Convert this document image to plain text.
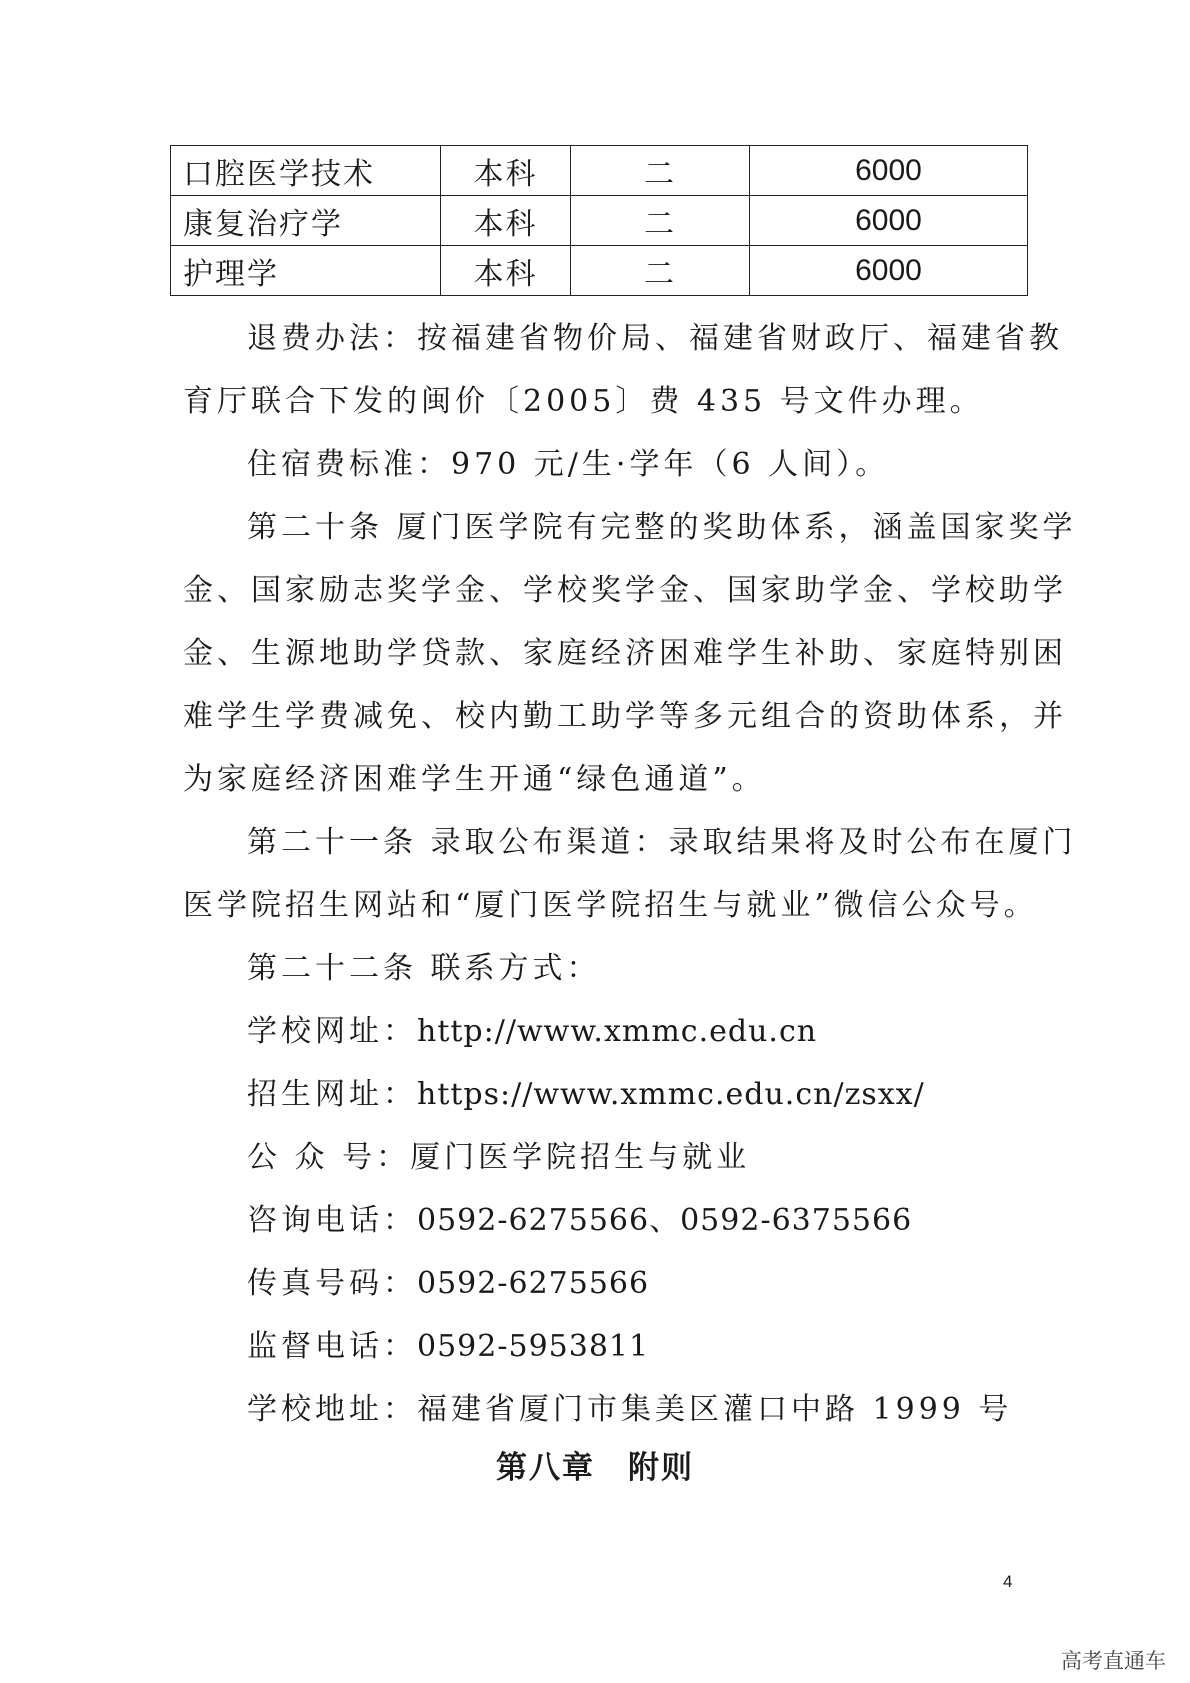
口腔医学技术	本科	二	6000
康复治疗学	本科	二	6000
护理学	本科	二	6000

退费办法：按福建省物价局、福建省财政厅、福建省教

育厅联合下发的闽价〔2005〕费 435 号文件办理。

住宿费标准：970 元/生·学年（6 人间）。

第二十条 厦门医学院有完整的奖助体系，涵盖国家奖学

金、国家励志奖学金、学校奖学金、国家助学金、学校助学

金、生源地助学贷款、家庭经济困难学生补助、家庭特别困

难学生学费减免、校内勤工助学等多元组合的资助体系，并

为家庭经济困难学生开通“绿色通道”。

第二十一条 录取公布渠道：录取结果将及时公布在厦门

医学院招生网站和“厦门医学院招生与就业”微信公众号。

第二十二条 联系方式：

学校网址：http://www.xmmc.edu.cn

招生网址：https://www.xmmc.edu.cn/zsxx/

公 众 号：厦门医学院招生与就业

咨询电话：0592-6275566、0592-6375566

传真号码：0592-6275566

监督电话：0592-5953811

学校地址：福建省厦门市集美区灌口中路 1999 号

第八章　附则
4
高考直通车
